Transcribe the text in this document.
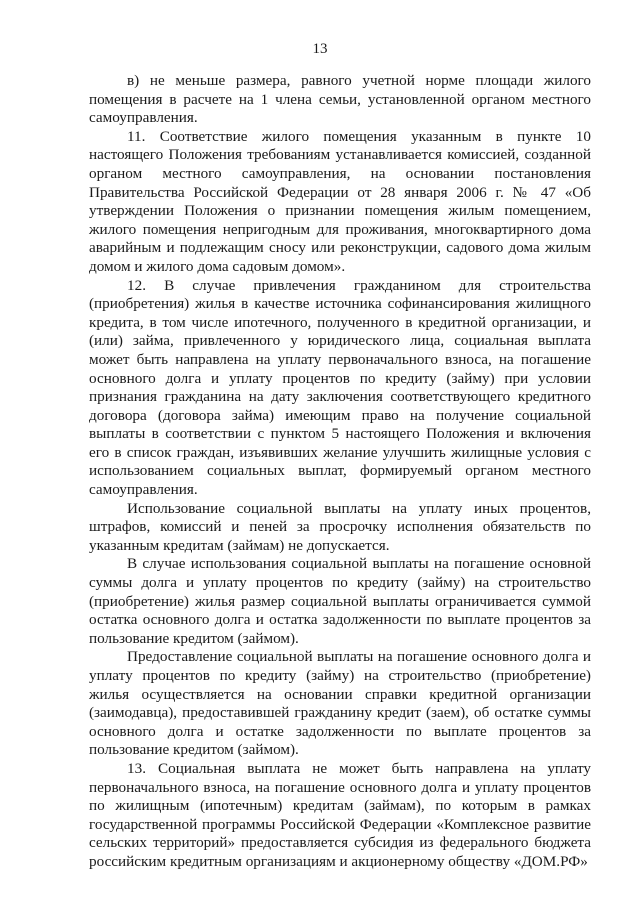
13

в) не меньше размера, равного учетной норме площади жилого помещения в расчете на 1 члена семьи, установленной органом местного самоуправления.

11. Соответствие жилого помещения указанным в пункте 10 настоящего Положения требованиям устанавливается комиссией, созданной органом местного самоуправления, на основании постановления Правительства Российской Федерации от 28 января 2006 г. № 47 «Об утверждении Положения о признании помещения жилым помещением, жилого помещения непригодным для проживания, многоквартирного дома аварийным и подлежащим сносу или реконструкции, садового дома жилым домом и жилого дома садовым домом».

12. В случае привлечения гражданином для строительства (приобретения) жилья в качестве источника софинансирования жилищного кредита, в том числе ипотечного, полученного в кредитной организации, и (или) займа, привлеченного у юридического лица, социальная выплата может быть направлена на уплату первоначального взноса, на погашение основного долга и уплату процентов по кредиту (займу) при условии признания гражданина на дату заключения соответствующего кредитного договора (договора займа) имеющим право на получение социальной выплаты в соответствии с пунктом 5 настоящего Положения и включения его в список граждан, изъявивших желание улучшить жилищные условия с использованием социальных выплат, формируемый органом местного самоуправления.

Использование социальной выплаты на уплату иных процентов, штрафов, комиссий и пеней за просрочку исполнения обязательств по указанным кредитам (займам) не допускается.

В случае использования социальной выплаты на погашение основной суммы долга и уплату процентов по кредиту (займу) на строительство (приобретение) жилья размер социальной выплаты ограничивается суммой остатка основного долга и остатка задолженности по выплате процентов за пользование кредитом (займом).

Предоставление социальной выплаты на погашение основного долга и уплату процентов по кредиту (займу) на строительство (приобретение) жилья осуществляется на основании справки кредитной организации (заимодавца), предоставившей гражданину кредит (заем), об остатке суммы основного долга и остатке задолженности по выплате процентов за пользование кредитом (займом).

13. Социальная выплата не может быть направлена на уплату первоначального взноса, на погашение основного долга и уплату процентов по жилищным (ипотечным) кредитам (займам), по которым в рамках государственной программы Российской Федерации «Комплексное развитие сельских территорий» предоставляется субсидия из федерального бюджета российским кредитным организациям и акционерному обществу «ДОМ.РФ»
